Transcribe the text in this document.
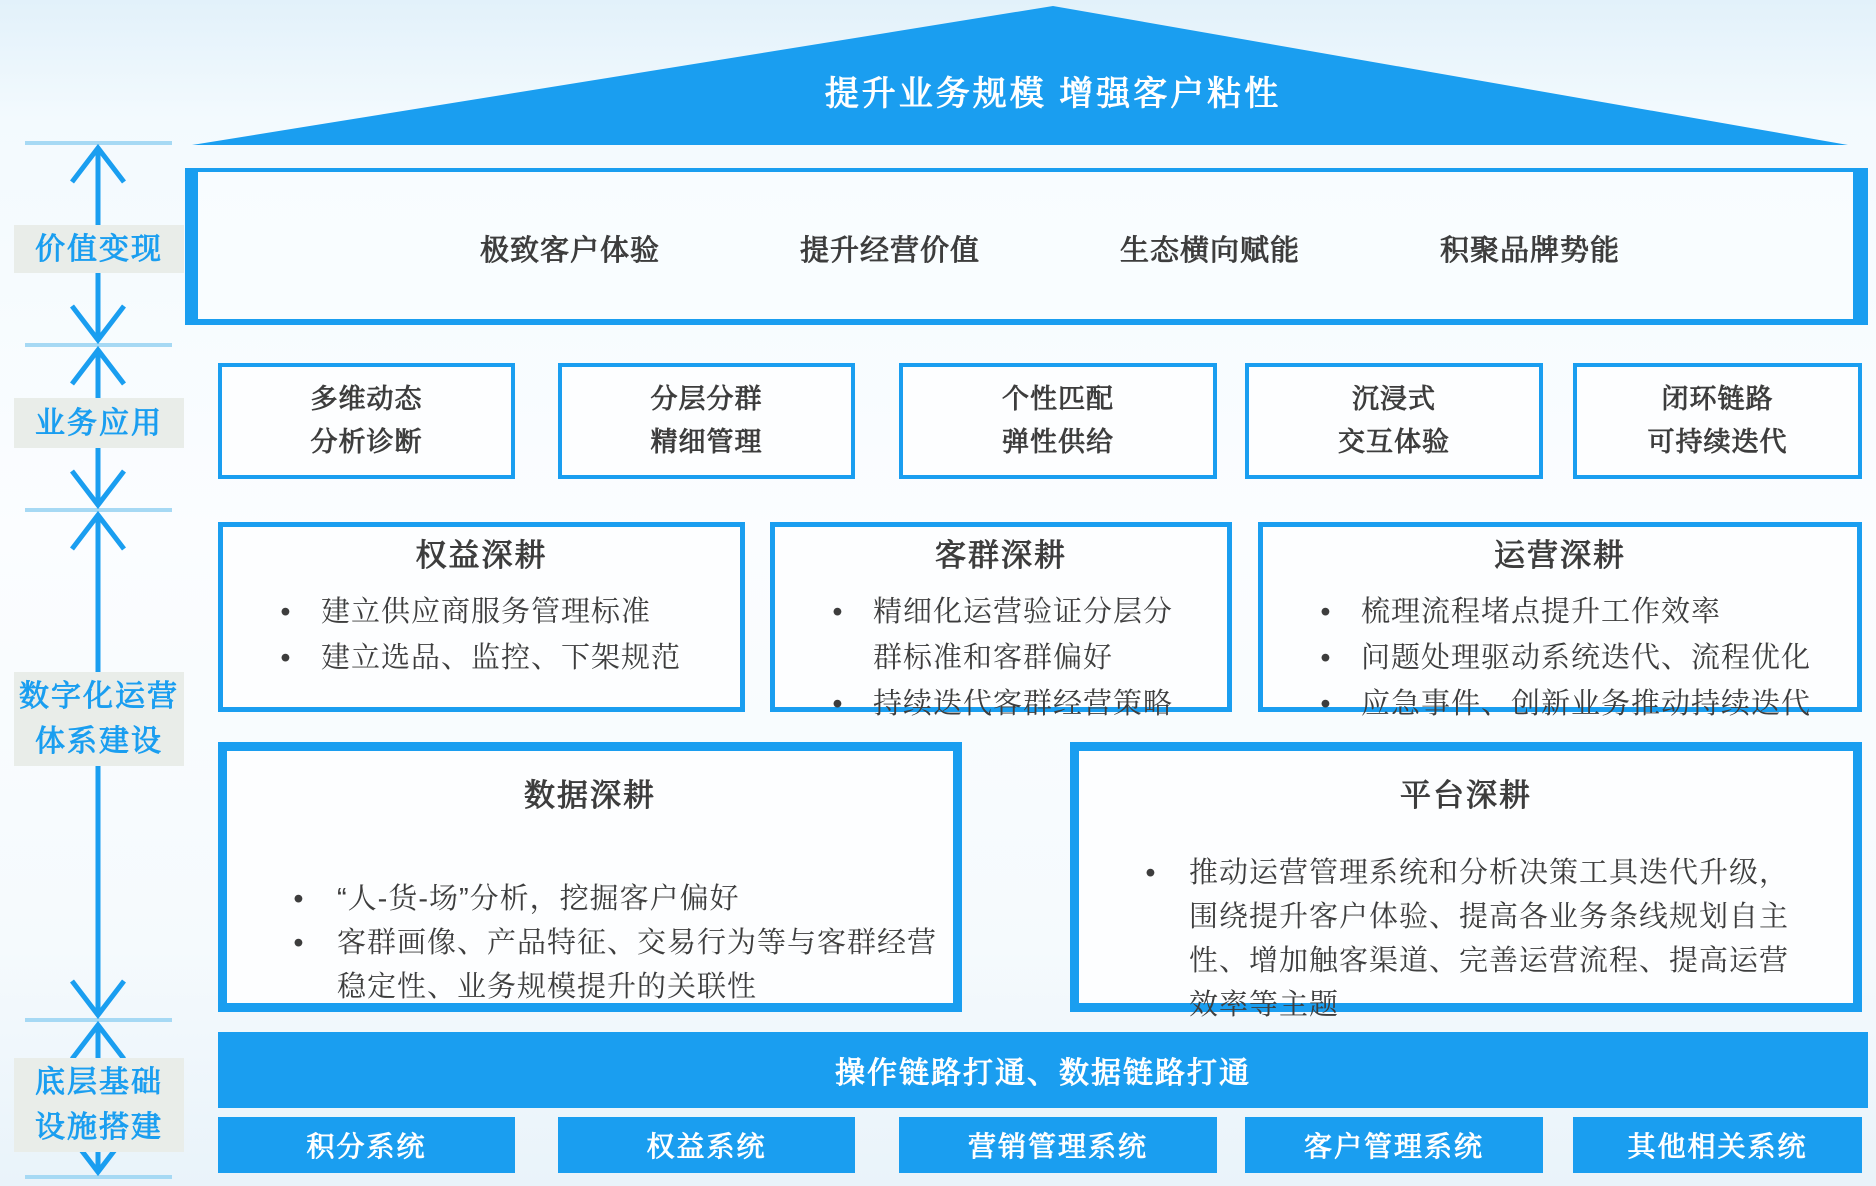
价值变现
业务应用
数字化运营
体系建设
底层基础
设施搭建
提升业务规模 增强客户粘性
极致客户体验	提升经营价值	生态横向赋能	积聚品牌势能
多维动态
分析诊断
分层分群
精细管理
个性匹配
弹性供给
沉浸式
交互体验
闭环链路
可持续迭代
权益深耕
•	建立供应商服务管理标准
•	建立选品、监控、下架规范
客群深耕
•	精细化运营验证分层分群标准和客群偏好
•	持续迭代客群经营策略
运营深耕
•	梳理流程堵点提升工作效率
•	问题处理驱动系统迭代、流程优化
•	应急事件、创新业务推动持续迭代
数据深耕
•	“人-货-场”分析，挖掘客户偏好
•	客群画像、产品特征、交易行为等与客群经营稳定性、业务规模提升的关联性
平台深耕
•	推动运营管理系统和分析决策工具迭代升级，围绕提升客户体验、提高各业务条线规划自主性、增加触客渠道、完善运营流程、提高运营效率等主题
操作链路打通、数据链路打通
积分系统	权益系统	营销管理系统	客户管理系统	其他相关系统
